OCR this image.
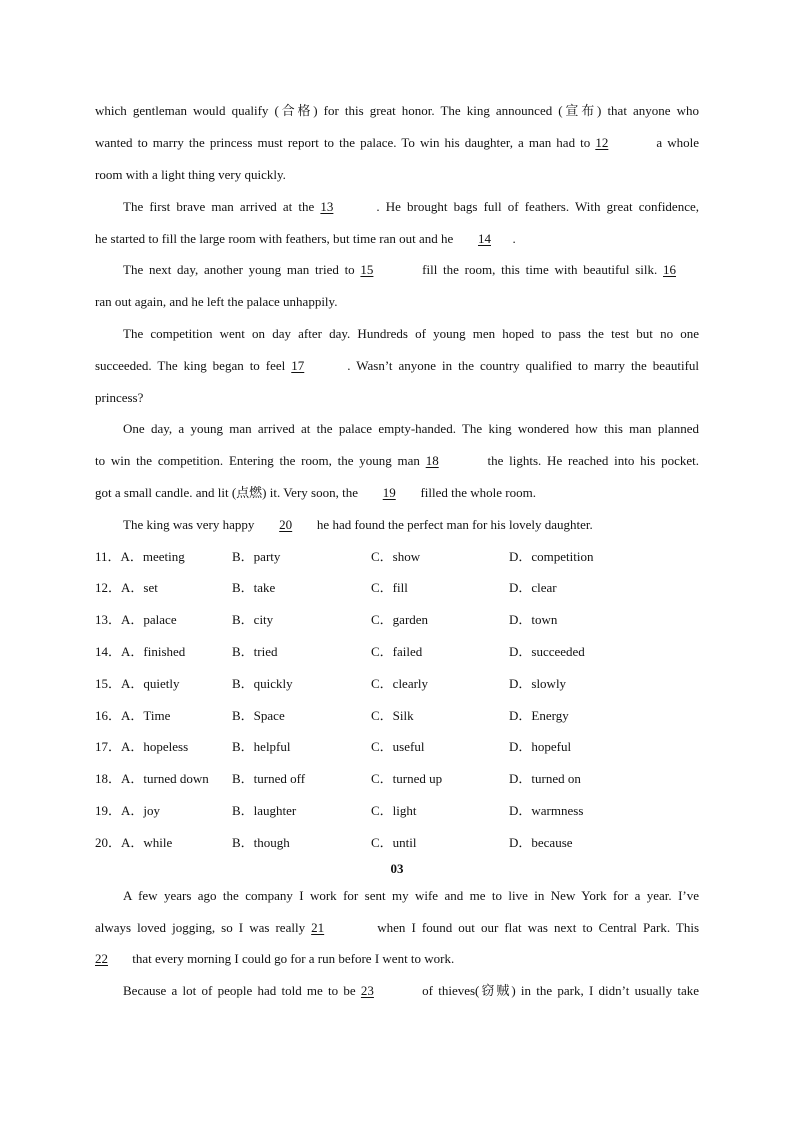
which gentleman would qualify (合格) for this great honor. The king announced (宣布) that anyone who
wanted to marry the princess must report to the palace. To win his daughter, a man had to 12	a whole
room with a light thing very quickly.
The first brave man arrived at the 13	. He brought bags full of feathers. With great confidence,
he started to fill the large room with feathers, but time ran out and he 14 .
The next day, another young man tried to 15	fill the room, this time with beautiful silk. 16
ran out again, and he left the palace unhappily.
The competition went on day after day. Hundreds of young men hoped to pass the test but no one
succeeded. The king began to feel 17	. Wasn’t anyone in the country qualified to marry the beautiful
princess?
One day, a young man arrived at the palace empty-handed. The king wondered how this man planned
to win the competition. Entering the room, the young man 18	the lights. He reached into his pocket.
got a small candle. and lit (点燃) it. Very soon, the 19 filled the whole room.
The king was very happy 20 he had found the perfect man for his lovely daughter.
11．A．meeting	B．party	C．show	D．competition
12．A．set	B．take	C．fill	D．clear
13．A．palace	B．city	C．garden	D．town
14．A．finished	B．tried	C．failed	D．succeeded
15．A．quietly	B．quickly	C．clearly	D．slowly
16．A．Time	B．Space	C．Silk	D．Energy
17．A．hopeless	B．helpful	C．useful	D．hopeful
18．A．turned down B．turned off	C．turned up	D．turned on
19．A．joy	B．laughter	C．light	D．warmness
20．A．while	B．though	C．until	D．because
03
A few years ago the company I work for sent my wife and me to live in New York for a year. I’ve
always loved jogging, so I was really 21	when I found out our flat was next to Central Park. This
22 that every morning I could go for a run before I went to work.
Because a lot of people had told me to be 23	of thieves(窃贼) in the park, I didn’t usually take
